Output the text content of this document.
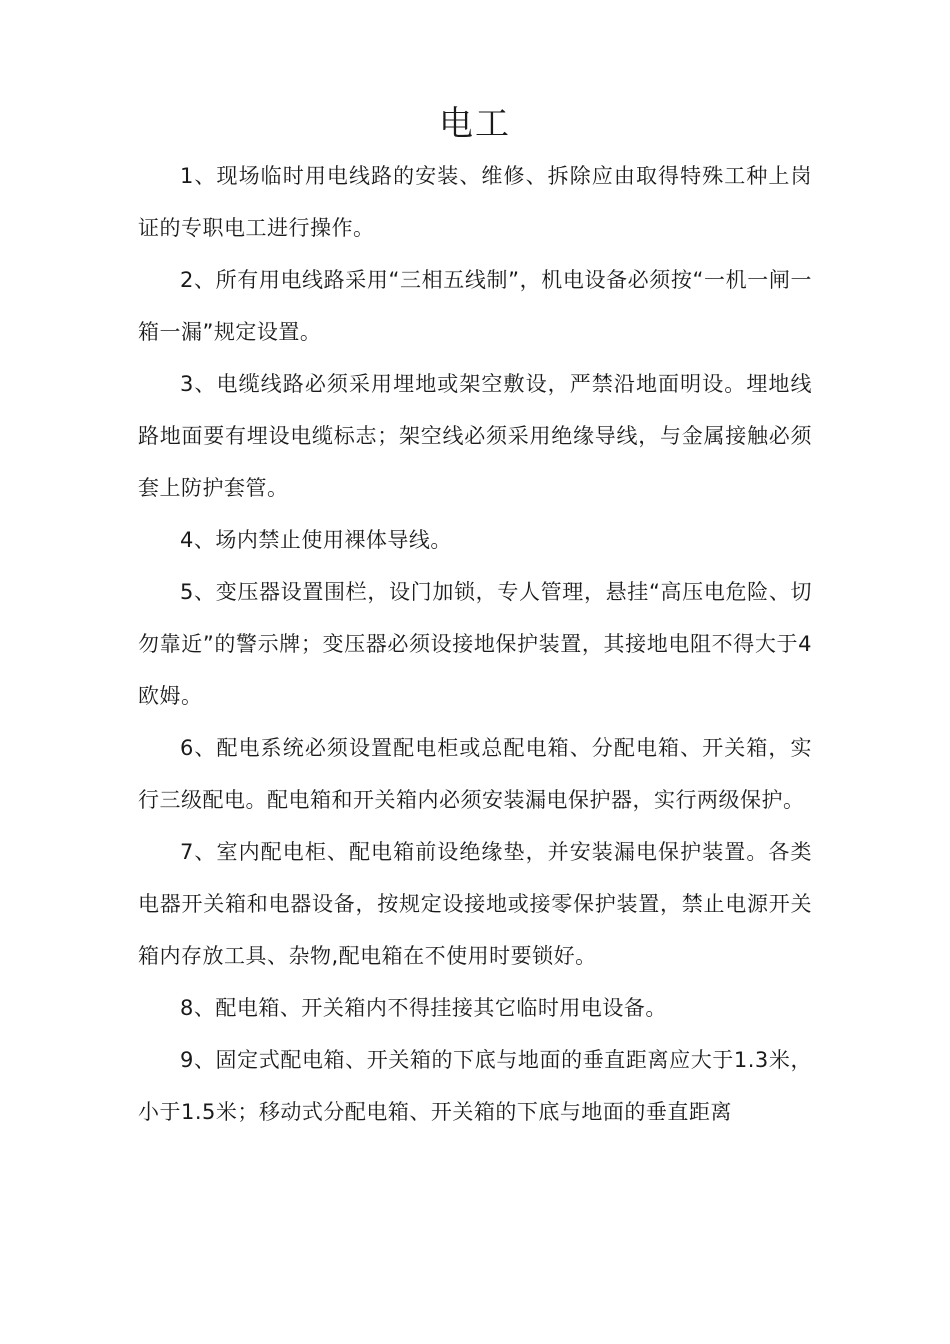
电工

1、现场临时用电线路的安装、维修、拆除应由取得特殊工种上岗证的专职电工进行操作。

2、所有用电线路采用“三相五线制”，机电设备必须按“一机一闸一箱一漏”规定设置。

3、电缆线路必须采用埋地或架空敷设，严禁沿地面明设。埋地线路地面要有埋设电缆标志；架空线必须采用绝缘导线，与金属接触必须套上防护套管。

4、场内禁止使用裸体导线。

5、变压器设置围栏，设门加锁，专人管理，悬挂“高压电危险、切勿靠近”的警示牌；变压器必须设接地保护装置，其接地电阻不得大于4欧姆。

6、配电系统必须设置配电柜或总配电箱、分配电箱、开关箱，实行三级配电。配电箱和开关箱内必须安装漏电保护器，实行两级保护。

7、室内配电柜、配电箱前设绝缘垫，并安装漏电保护装置。各类电器开关箱和电器设备，按规定设接地或接零保护装置，禁止电源开关箱内存放工具、杂物,配电箱在不使用时要锁好。

8、配电箱、开关箱内不得挂接其它临时用电设备。

9、固定式配电箱、开关箱的下底与地面的垂直距离应大于1.3米，小于1.5米；移动式分配电箱、开关箱的下底与地面的垂直距离
